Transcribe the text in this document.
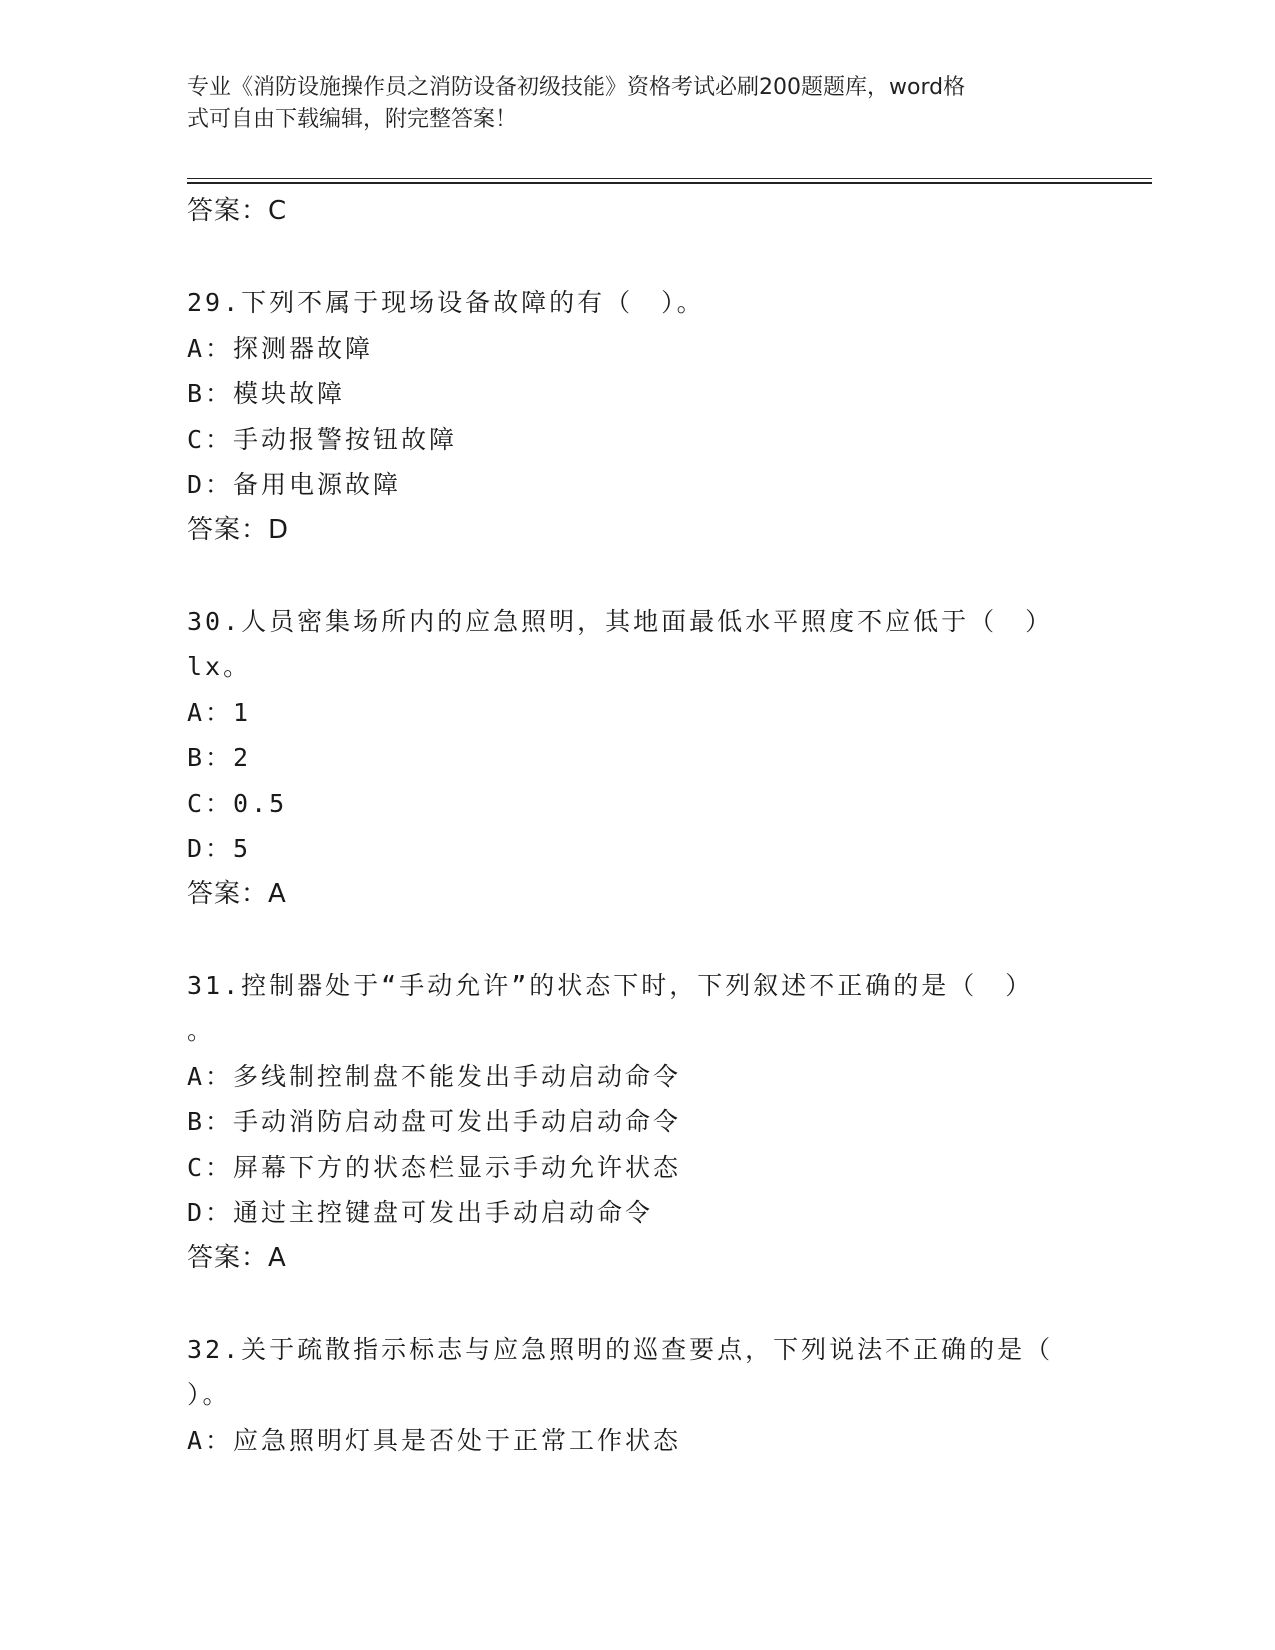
专业《消防设施操作员之消防设备初级技能》资格考试必刷200题题库，word格
式可自由下载编辑，附完整答案！
答案：C
29.下列不属于现场设备故障的有（　）。
A：探测器故障
B：模块故障
C：手动报警按钮故障
D：备用电源故障
答案：D
30.人员密集场所内的应急照明，其地面最低水平照度不应低于（　）
lx。
A：1
B：2
C：0.5
D：5
答案：A
31.控制器处于“手动允许”的状态下时，下列叙述不正确的是（　）
。
A：多线制控制盘不能发出手动启动命令
B：手动消防启动盘可发出手动启动命令
C：屏幕下方的状态栏显示手动允许状态
D：通过主控键盘可发出手动启动命令
答案：A
32.关于疏散指示标志与应急照明的巡查要点，下列说法不正确的是（
）。
A：应急照明灯具是否处于正常工作状态
